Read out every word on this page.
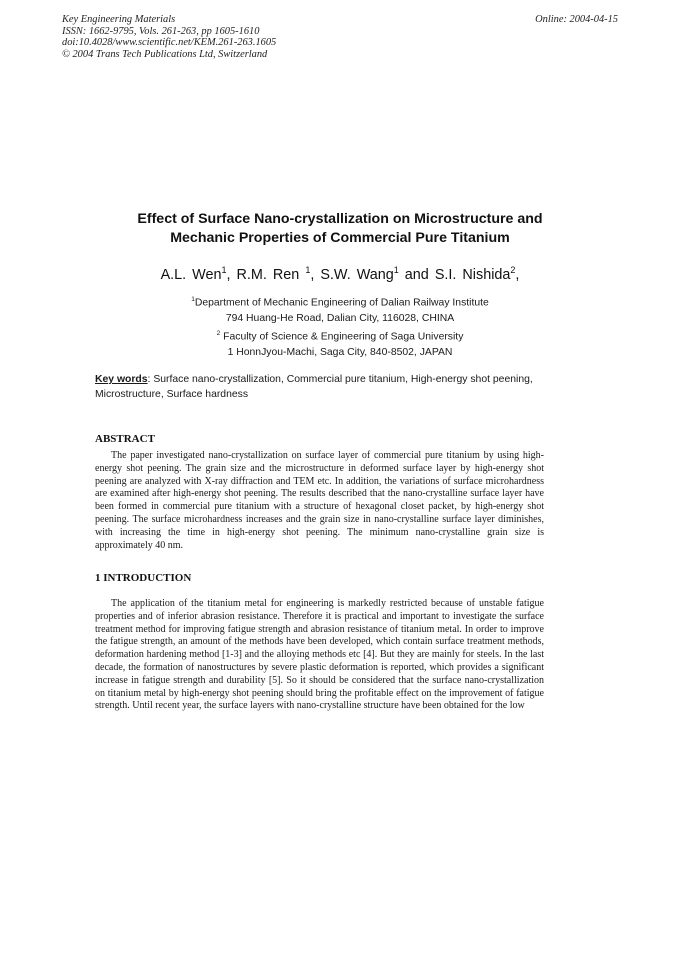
Key Engineering Materials
ISSN: 1662-9795, Vols. 261-263, pp 1605-1610
doi:10.4028/www.scientific.net/KEM.261-263.1605
© 2004 Trans Tech Publications Ltd, Switzerland
Online: 2004-04-15
Effect of Surface Nano-crystallization on Microstructure and
Mechanic Properties of Commercial Pure Titanium
A.L. Wen$^1$, R.M. Ren $^1$, S.W. Wang$^1$ and S.I. Nishida$^2$,
$^1$Department of Mechanic Engineering of Dalian Railway Institute
794 Huang-He Road, Dalian City, 116028, CHINA
$^2$ Faculty of Science & Engineering of Saga University
1 HonnJyou-Machi, Saga City, 840-8502, JAPAN
Key words: Surface nano-crystallization, Commercial pure titanium, High-energy shot peening, Microstructure, Surface hardness
ABSTRACT
The paper investigated nano-crystallization on surface layer of commercial pure titanium by using high-energy shot peening. The grain size and the microstructure in deformed surface layer by high-energy shot peening are analyzed with X-ray diffraction and TEM etc. In addition, the variations of surface microhardness are examined after high-energy shot peening. The results described that the nano-crystalline surface layer have been formed in commercial pure titanium with a structure of hexagonal closet packet, by high-energy shot peening. The surface microhardness increases and the grain size in nano-crystalline surface layer diminishes, with increasing the time in high-energy shot peening. The minimum nano-crystalline grain size is approximately 40 nm.
1 INTRODUCTION
The application of the titanium metal for engineering is markedly restricted because of unstable fatigue properties and of inferior abrasion resistance. Therefore it is practical and important to investigate the surface treatment method for improving fatigue strength and abrasion resistance of titanium metal. In order to improve the fatigue strength, an amount of the methods have been developed, which contain surface treatment methods, deformation hardening method [1-3] and the alloying methods etc [4]. But they are mainly for steels. In the last decade, the formation of nanostructures by severe plastic deformation is reported, which provides a significant increase in fatigue strength and durability [5]. So it should be considered that the surface nano-crystallization on titanium metal by high-energy shot peening should bring the profitable effect on the improvement of fatigue strength. Until recent year, the surface layers with nano-crystalline structure have been obtained for the low
